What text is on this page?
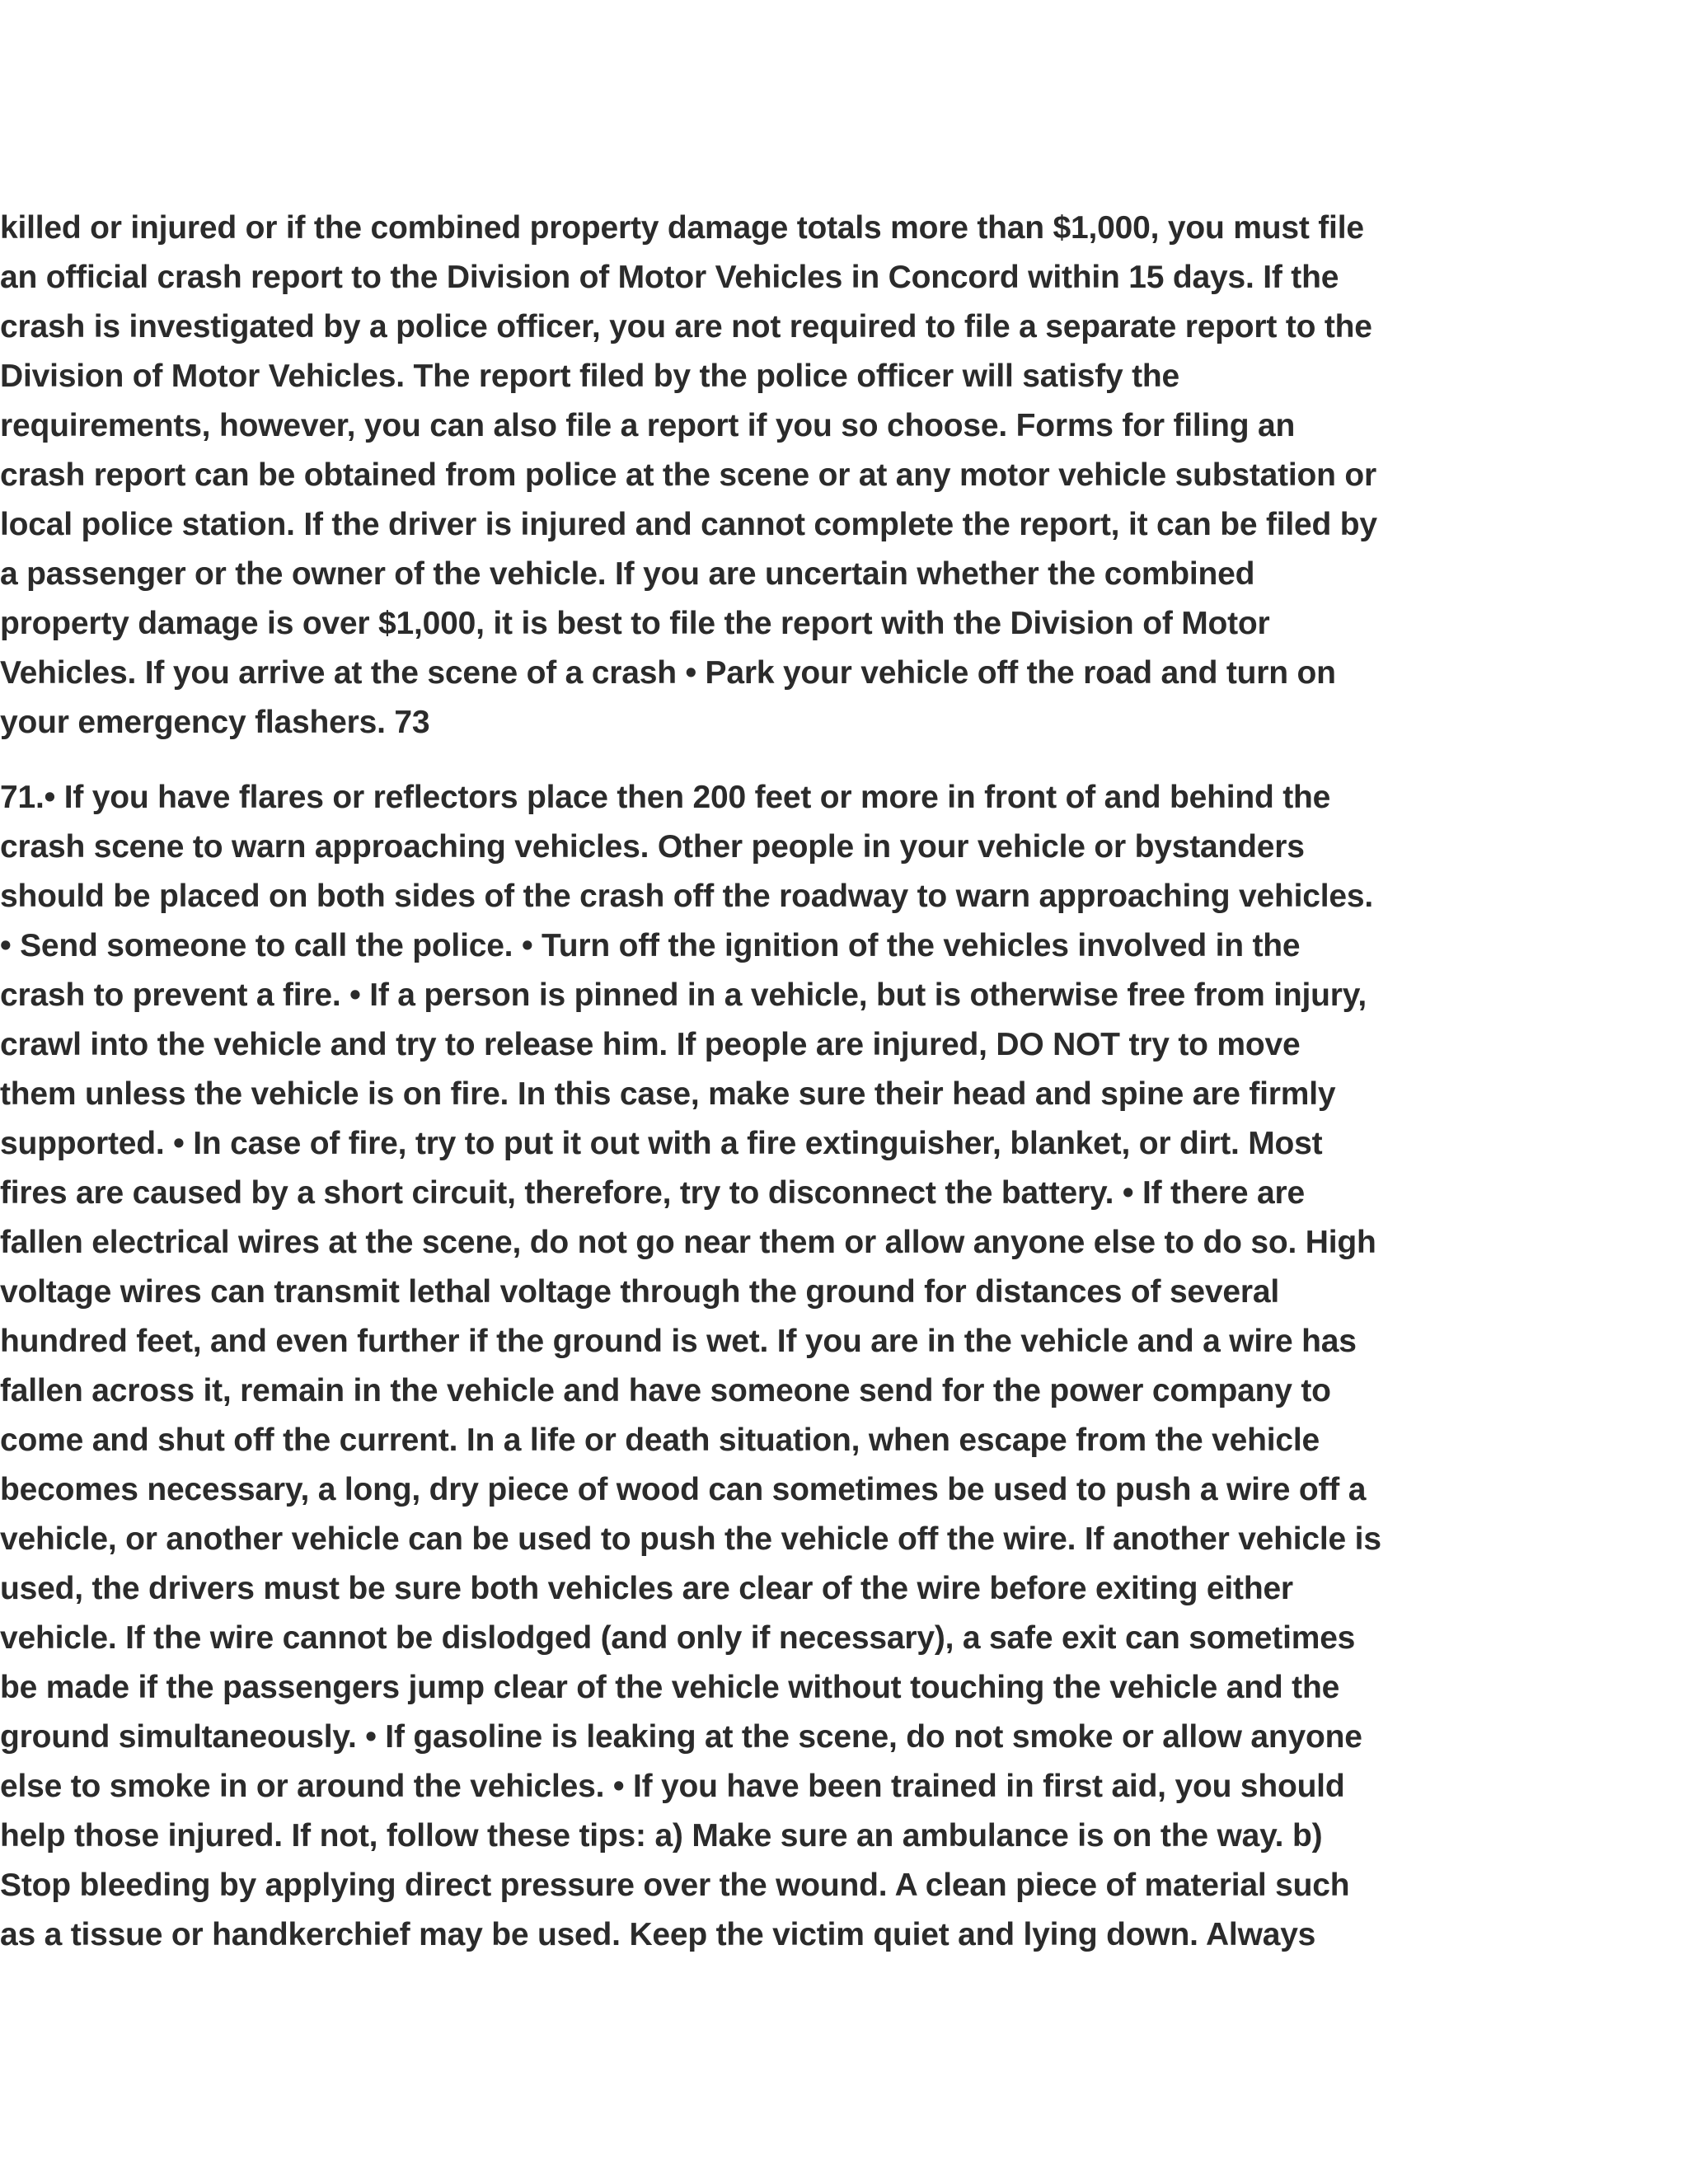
killed or injured or if the combined property damage totals more than $1,000, you must file
an official crash report to the Division of Motor Vehicles in Concord within 15 days. If the
crash is investigated by a police officer, you are not required to file a separate report to the
Division of Motor Vehicles. The report filed by the police officer will satisfy the
requirements, however, you can also file a report if you so choose. Forms for filing an
crash report can be obtained from police at the scene or at any motor vehicle substation or
local police station. If the driver is injured and cannot complete the report, it can be filed by
a passenger or the owner of the vehicle. If you are uncertain whether the combined
property damage is over $1,000, it is best to file the report with the Division of Motor
Vehicles. If you arrive at the scene of a crash • Park your vehicle off the road and turn on
your emergency flashers. 73

71.• If you have flares or reflectors place then 200 feet or more in front of and behind the
crash scene to warn approaching vehicles. Other people in your vehicle or bystanders
should be placed on both sides of the crash off the roadway to warn approaching vehicles.
• Send someone to call the police. • Turn off the ignition of the vehicles involved in the
crash to prevent a fire. • If a person is pinned in a vehicle, but is otherwise free from injury,
crawl into the vehicle and try to release him. If people are injured, DO NOT try to move
them unless the vehicle is on fire. In this case, make sure their head and spine are firmly
supported. • In case of fire, try to put it out with a fire extinguisher, blanket, or dirt. Most
fires are caused by a short circuit, therefore, try to disconnect the battery. • If there are
fallen electrical wires at the scene, do not go near them or allow anyone else to do so. High
voltage wires can transmit lethal voltage through the ground for distances of several
hundred feet, and even further if the ground is wet. If you are in the vehicle and a wire has
fallen across it, remain in the vehicle and have someone send for the power company to
come and shut off the current. In a life or death situation, when escape from the vehicle
becomes necessary, a long, dry piece of wood can sometimes be used to push a wire off a
vehicle, or another vehicle can be used to push the vehicle off the wire. If another vehicle is
used, the drivers must be sure both vehicles are clear of the wire before exiting either
vehicle. If the wire cannot be dislodged (and only if necessary), a safe exit can sometimes
be made if the passengers jump clear of the vehicle without touching the vehicle and the
ground simultaneously. • If gasoline is leaking at the scene, do not smoke or allow anyone
else to smoke in or around the vehicles. • If you have been trained in first aid, you should
help those injured. If not, follow these tips: a) Make sure an ambulance is on the way. b)
Stop bleeding by applying direct pressure over the wound. A clean piece of material such
as a tissue or handkerchief may be used. Keep the victim quiet and lying down. Always
